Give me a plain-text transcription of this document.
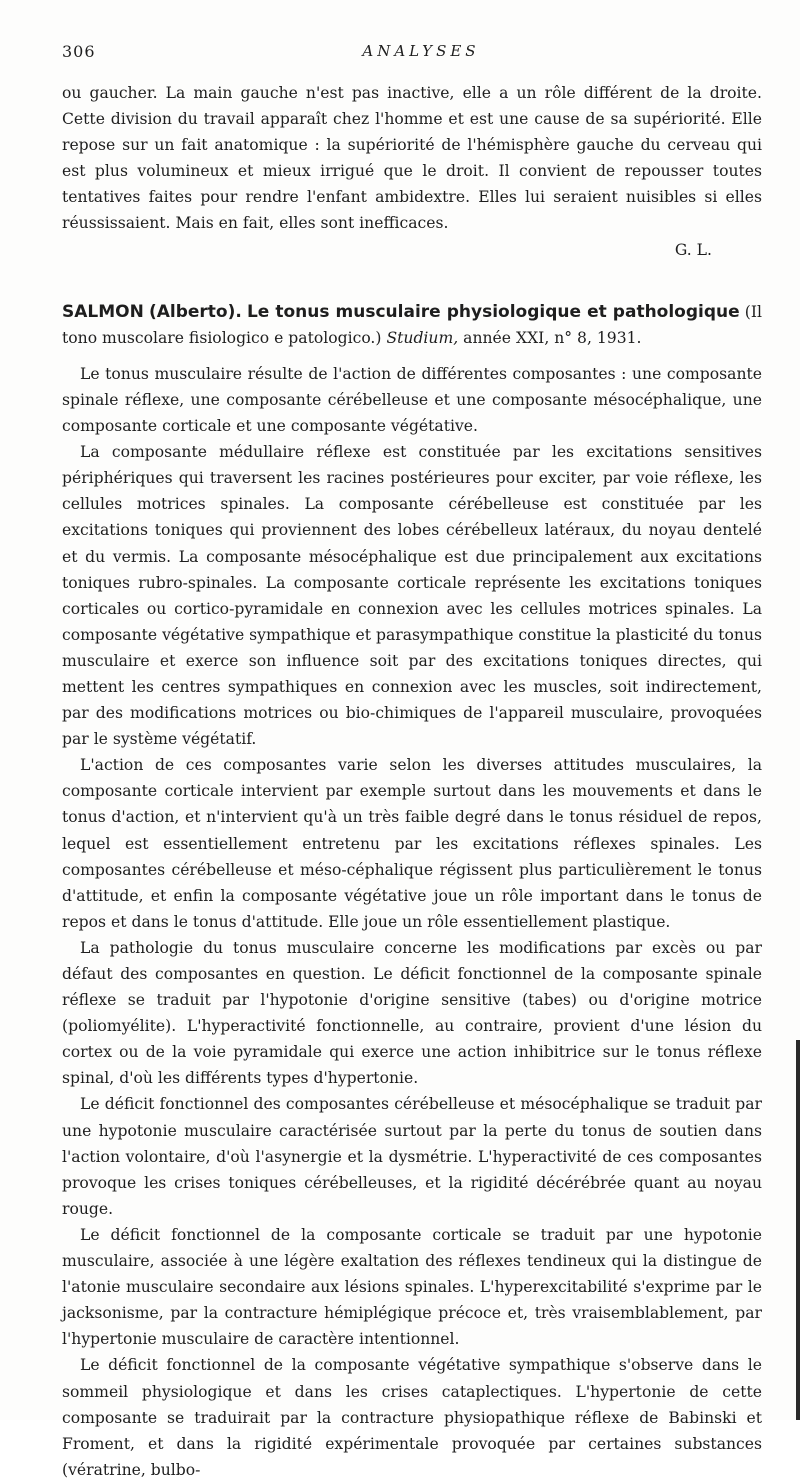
306	ANALYSES

ou gaucher. La main gauche n'est pas inactive, elle a un rôle différent de la droite. Cette division du travail apparaît chez l'homme et est une cause de sa supériorité. Elle repose sur un fait anatomique : la supériorité de l'hémisphère gauche du cerveau qui est plus volumineux et mieux irrigué que le droit. Il convient de repousser toutes tentatives faites pour rendre l'enfant ambidextre. Elles lui seraient nuisibles si elles réussissaient. Mais en fait, elles sont inefficaces.

G. L.

SALMON (Alberto). Le tonus musculaire physiologique et pathologique (Il tono muscolare fisiologico e patologico.) Studium, année XXI, n° 8, 1931.

Le tonus musculaire résulte de l'action de différentes composantes : une composante spinale réflexe, une composante cérébelleuse et une composante mésocéphalique, une composante corticale et une composante végétative.

La composante médullaire réflexe est constituée par les excitations sensitives périphériques qui traversent les racines postérieures pour exciter, par voie réflexe, les cellules motrices spinales. La composante cérébelleuse est constituée par les excitations toniques qui proviennent des lobes cérébelleux latéraux, du noyau dentelé et du vermis. La composante mésocéphalique est due principalement aux excitations toniques rubro-spinales. La composante corticale représente les excitations toniques corticales ou cortico-pyramidale en connexion avec les cellules motrices spinales. La composante végétative sympathique et parasympathique constitue la plasticité du tonus musculaire et exerce son influence soit par des excitations toniques directes, qui mettent les centres sympathiques en connexion avec les muscles, soit indirectement, par des modifications motrices ou bio-chimiques de l'appareil musculaire, provoquées par le système végétatif.

L'action de ces composantes varie selon les diverses attitudes musculaires, la composante corticale intervient par exemple surtout dans les mouvements et dans le tonus d'action, et n'intervient qu'à un très faible degré dans le tonus résiduel de repos, lequel est essentiellement entretenu par les excitations réflexes spinales. Les composantes cérébelleuse et méso-céphalique régissent plus particulièrement le tonus d'attitude, et enfin la composante végétative joue un rôle important dans le tonus de repos et dans le tonus d'attitude. Elle joue un rôle essentiellement plastique.

La pathologie du tonus musculaire concerne les modifications par excès ou par défaut des composantes en question. Le déficit fonctionnel de la composante spinale réflexe se traduit par l'hypotonie d'origine sensitive (tabes) ou d'origine motrice (poliomyélite). L'hyperactivité fonctionnelle, au contraire, provient d'une lésion du cortex ou de la voie pyramidale qui exerce une action inhibitrice sur le tonus réflexe spinal, d'où les différents types d'hypertonie.

Le déficit fonctionnel des composantes cérébelleuse et mésocéphalique se traduit par une hypotonie musculaire caractérisée surtout par la perte du tonus de soutien dans l'action volontaire, d'où l'asynergie et la dysmétrie. L'hyperactivité de ces composantes provoque les crises toniques cérébelleuses, et la rigidité décérébrée quant au noyau rouge.

Le déficit fonctionnel de la composante corticale se traduit par une hypotonie musculaire, associée à une légère exaltation des réflexes tendineux qui la distingue de l'atonie musculaire secondaire aux lésions spinales. L'hyperexcitabilité s'exprime par le jacksonisme, par la contracture hémiplégique précoce et, très vraisemblablement, par l'hypertonie musculaire de caractère intentionnel.

Le déficit fonctionnel de la composante végétative sympathique s'observe dans le sommeil physiologique et dans les crises cataplectiques. L'hypertonie de cette composante se traduirait par la contracture physiopathique réflexe de Babinski et Froment, et dans la rigidité expérimentale provoquée par certaines substances (vératrine, bulbo-
